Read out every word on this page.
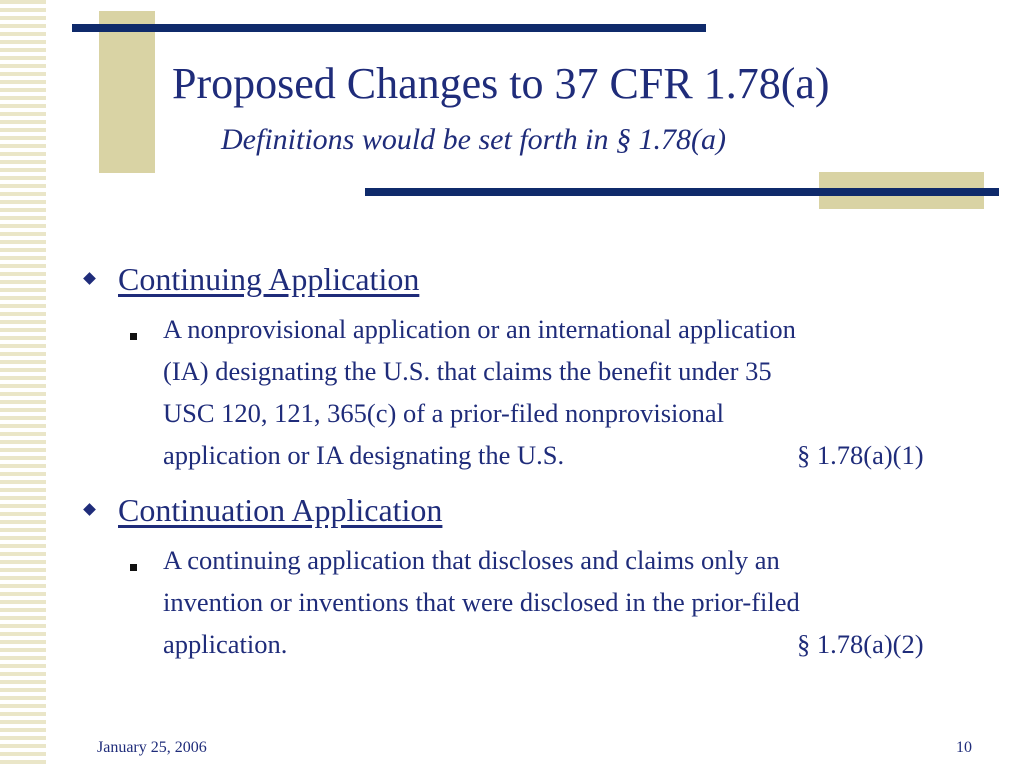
Proposed Changes to 37 CFR 1.78(a)
Definitions would be set forth in § 1.78(a)
Continuing Application
A nonprovisional application or an international application
(IA) designating the U.S. that claims the benefit under 35
USC 120, 121, 365(c) of a prior-filed nonprovisional
application or IA designating the U.S.	§ 1.78(a)(1)
Continuation Application
A continuing application that discloses and claims only an
invention or inventions that were disclosed in the prior-filed
application.	§ 1.78(a)(2)
January 25, 2006	10
